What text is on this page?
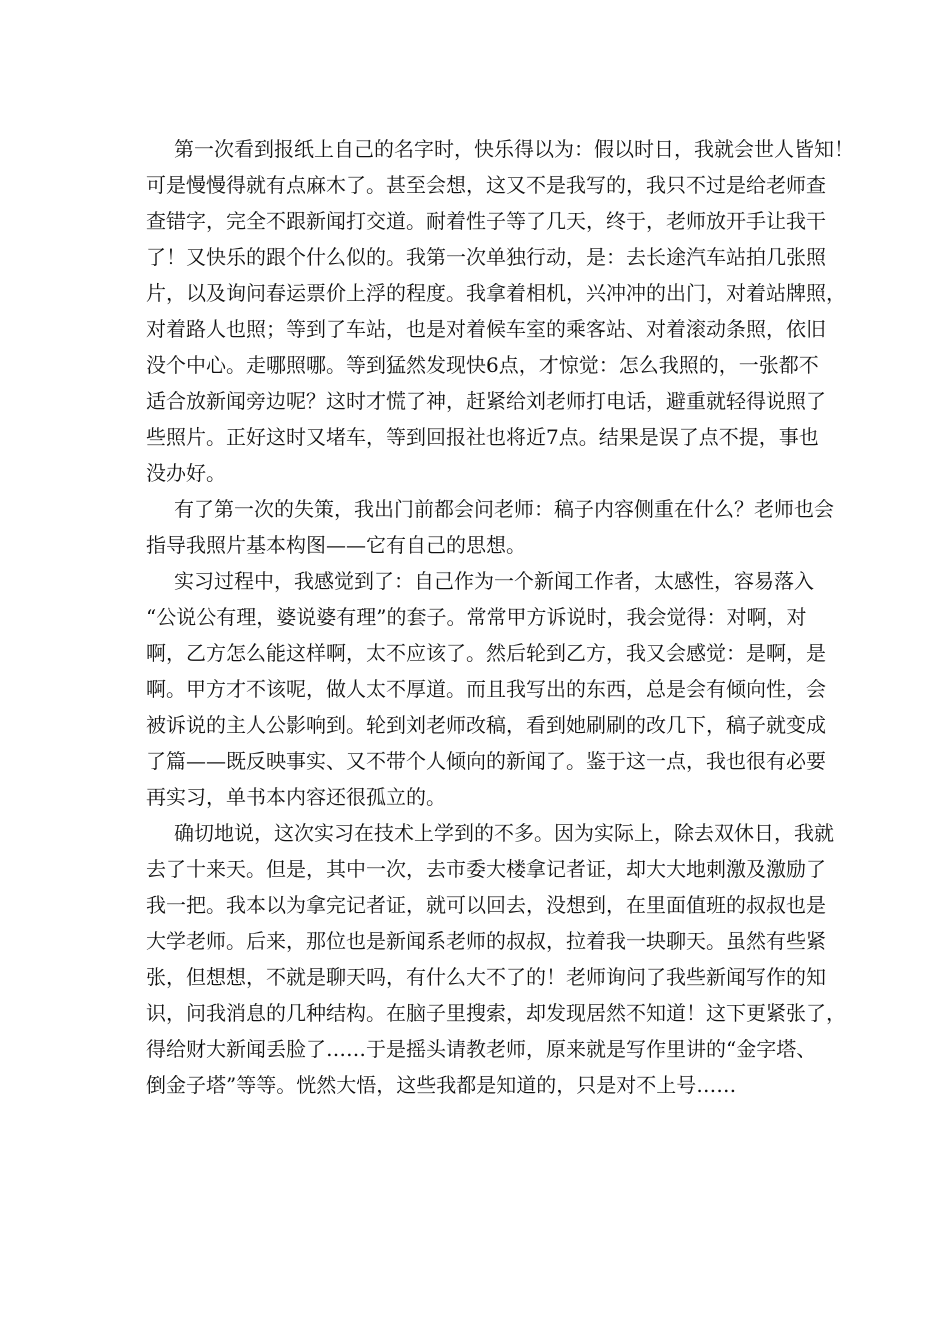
第一次看到报纸上自己的名字时，快乐得以为：假以时日，我就会世人皆知！
可是慢慢得就有点麻木了。甚至会想，这又不是我写的，我只不过是给老师查
查错字，完全不跟新闻打交道。耐着性子等了几天，终于，老师放开手让我干
了！又快乐的跟个什么似的。我第一次单独行动，是：去长途汽车站拍几张照
片，以及询问春运票价上浮的程度。我拿着相机，兴冲冲的出门，对着站牌照，
对着路人也照；等到了车站，也是对着候车室的乘客站、对着滚动条照，依旧
没个中心。走哪照哪。等到猛然发现快6点，才惊觉：怎么我照的，一张都不
适合放新闻旁边呢？这时才慌了神，赶紧给刘老师打电话，避重就轻得说照了
些照片。正好这时又堵车，等到回报社也将近7点。结果是误了点不提，事也
没办好。
有了第一次的失策，我出门前都会问老师：稿子内容侧重在什么？老师也会
指导我照片基本构图——它有自己的思想。
实习过程中，我感觉到了：自己作为一个新闻工作者，太感性，容易落入
“公说公有理，婆说婆有理”的套子。常常甲方诉说时，我会觉得：对啊，对
啊，乙方怎么能这样啊，太不应该了。然后轮到乙方，我又会感觉：是啊，是
啊。甲方才不该呢，做人太不厚道。而且我写出的东西，总是会有倾向性，会
被诉说的主人公影响到。轮到刘老师改稿，看到她刷刷的改几下，稿子就变成
了篇——既反映事实、又不带个人倾向的新闻了。鉴于这一点，我也很有必要
再实习，单书本内容还很孤立的。
确切地说，这次实习在技术上学到的不多。因为实际上，除去双休日，我就
去了十来天。但是，其中一次，去市委大楼拿记者证，却大大地刺激及激励了
我一把。我本以为拿完记者证，就可以回去，没想到，在里面值班的叔叔也是
大学老师。后来，那位也是新闻系老师的叔叔，拉着我一块聊天。虽然有些紧
张，但想想，不就是聊天吗，有什么大不了的！老师询问了我些新闻写作的知
识，问我消息的几种结构。在脑子里搜索，却发现居然不知道！这下更紧张了，
得给财大新闻丢脸了……于是摇头请教老师，原来就是写作里讲的“金字塔、
倒金子塔”等等。恍然大悟，这些我都是知道的，只是对不上号……
